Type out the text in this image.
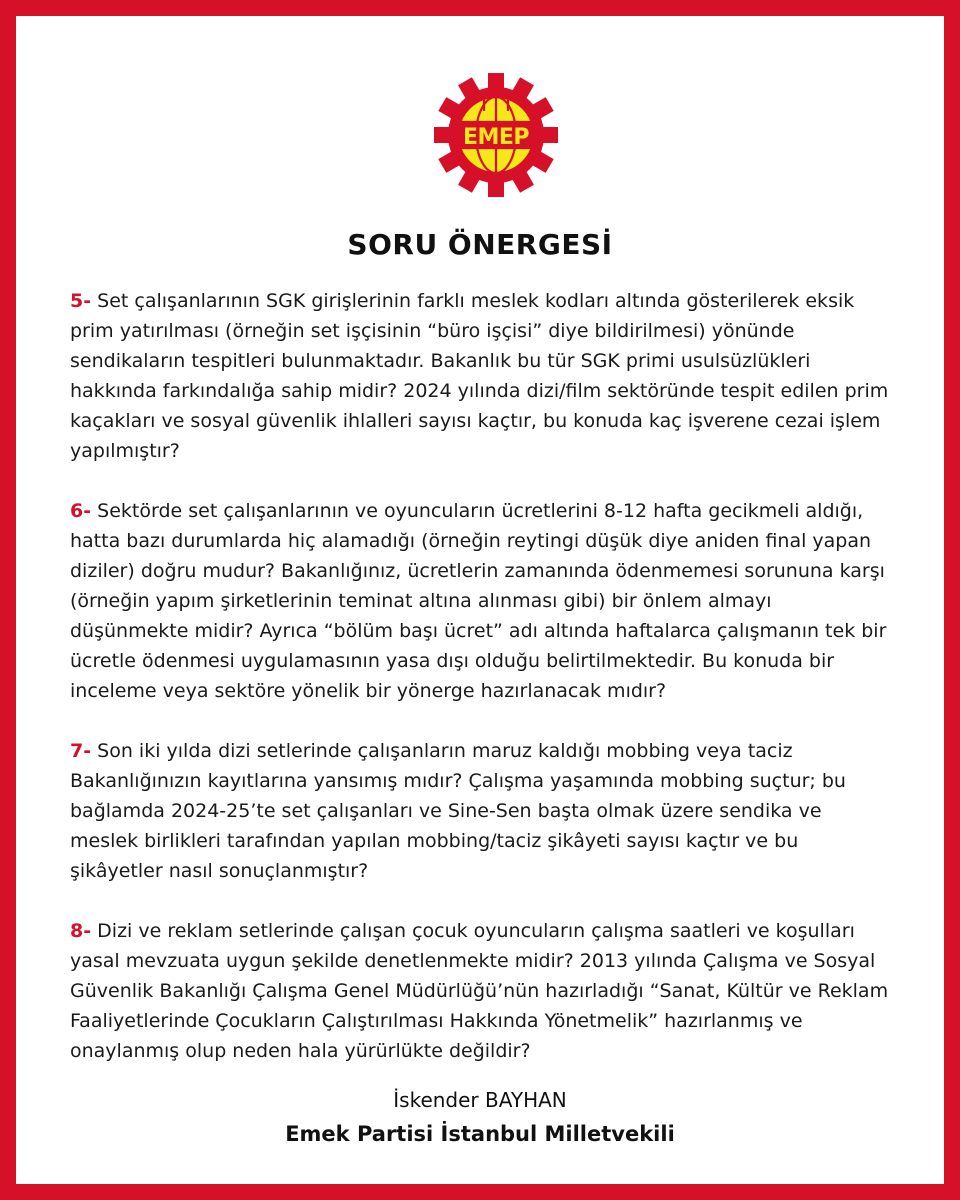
EMEP
SORU ÖNERGESİ

5- Set çalışanlarının SGK girişlerinin farklı meslek kodları altında gösterilerek eksik prim yatırılması (örneğin set işçisinin “büro işçisi” diye bildirilmesi) yönünde sendikaların tespitleri bulunmaktadır. Bakanlık bu tür SGK primi usulsüzlükleri hakkında farkındalığa sahip midir? 2024 yılında dizi/film sektöründe tespit edilen prim kaçakları ve sosyal güvenlik ihlalleri sayısı kaçtır, bu konuda kaç işverene cezai işlem yapılmıştır?

6- Sektörde set çalışanlarının ve oyuncuların ücretlerini 8-12 hafta gecikmeli aldığı, hatta bazı durumlarda hiç alamadığı (örneğin reytingi düşük diye aniden final yapan diziler) doğru mudur? Bakanlığınız, ücretlerin zamanında ödenmemesi sorununa karşı (örneğin yapım şirketlerinin teminat altına alınması gibi) bir önlem almayı düşünmekte midir? Ayrıca “bölüm başı ücret” adı altında haftalarca çalışmanın tek bir ücretle ödenmesi uygulamasının yasa dışı olduğu belirtilmektedir. Bu konuda bir inceleme veya sektöre yönelik bir yönerge hazırlanacak mıdır?

7- Son iki yılda dizi setlerinde çalışanların maruz kaldığı mobbing veya taciz Bakanlığınızın kayıtlarına yansımış mıdır? Çalışma yaşamında mobbing suçtur; bu bağlamda 2024-25’te set çalışanları ve Sine-Sen başta olmak üzere sendika ve meslek birlikleri tarafından yapılan mobbing/taciz şikâyeti sayısı kaçtır ve bu şikâyetler nasıl sonuçlanmıştır?

8- Dizi ve reklam setlerinde çalışan çocuk oyuncuların çalışma saatleri ve koşulları yasal mevzuata uygun şekilde denetlenmekte midir? 2013 yılında Çalışma ve Sosyal Güvenlik Bakanlığı Çalışma Genel Müdürlüğü’nün hazırladığı “Sanat, Kültür ve Reklam Faaliyetlerinde Çocukların Çalıştırılması Hakkında Yönetmelik” hazırlanmış ve onaylanmış olup neden hala yürürlükte değildir?

İskender BAYHAN
Emek Partisi İstanbul Milletvekili
